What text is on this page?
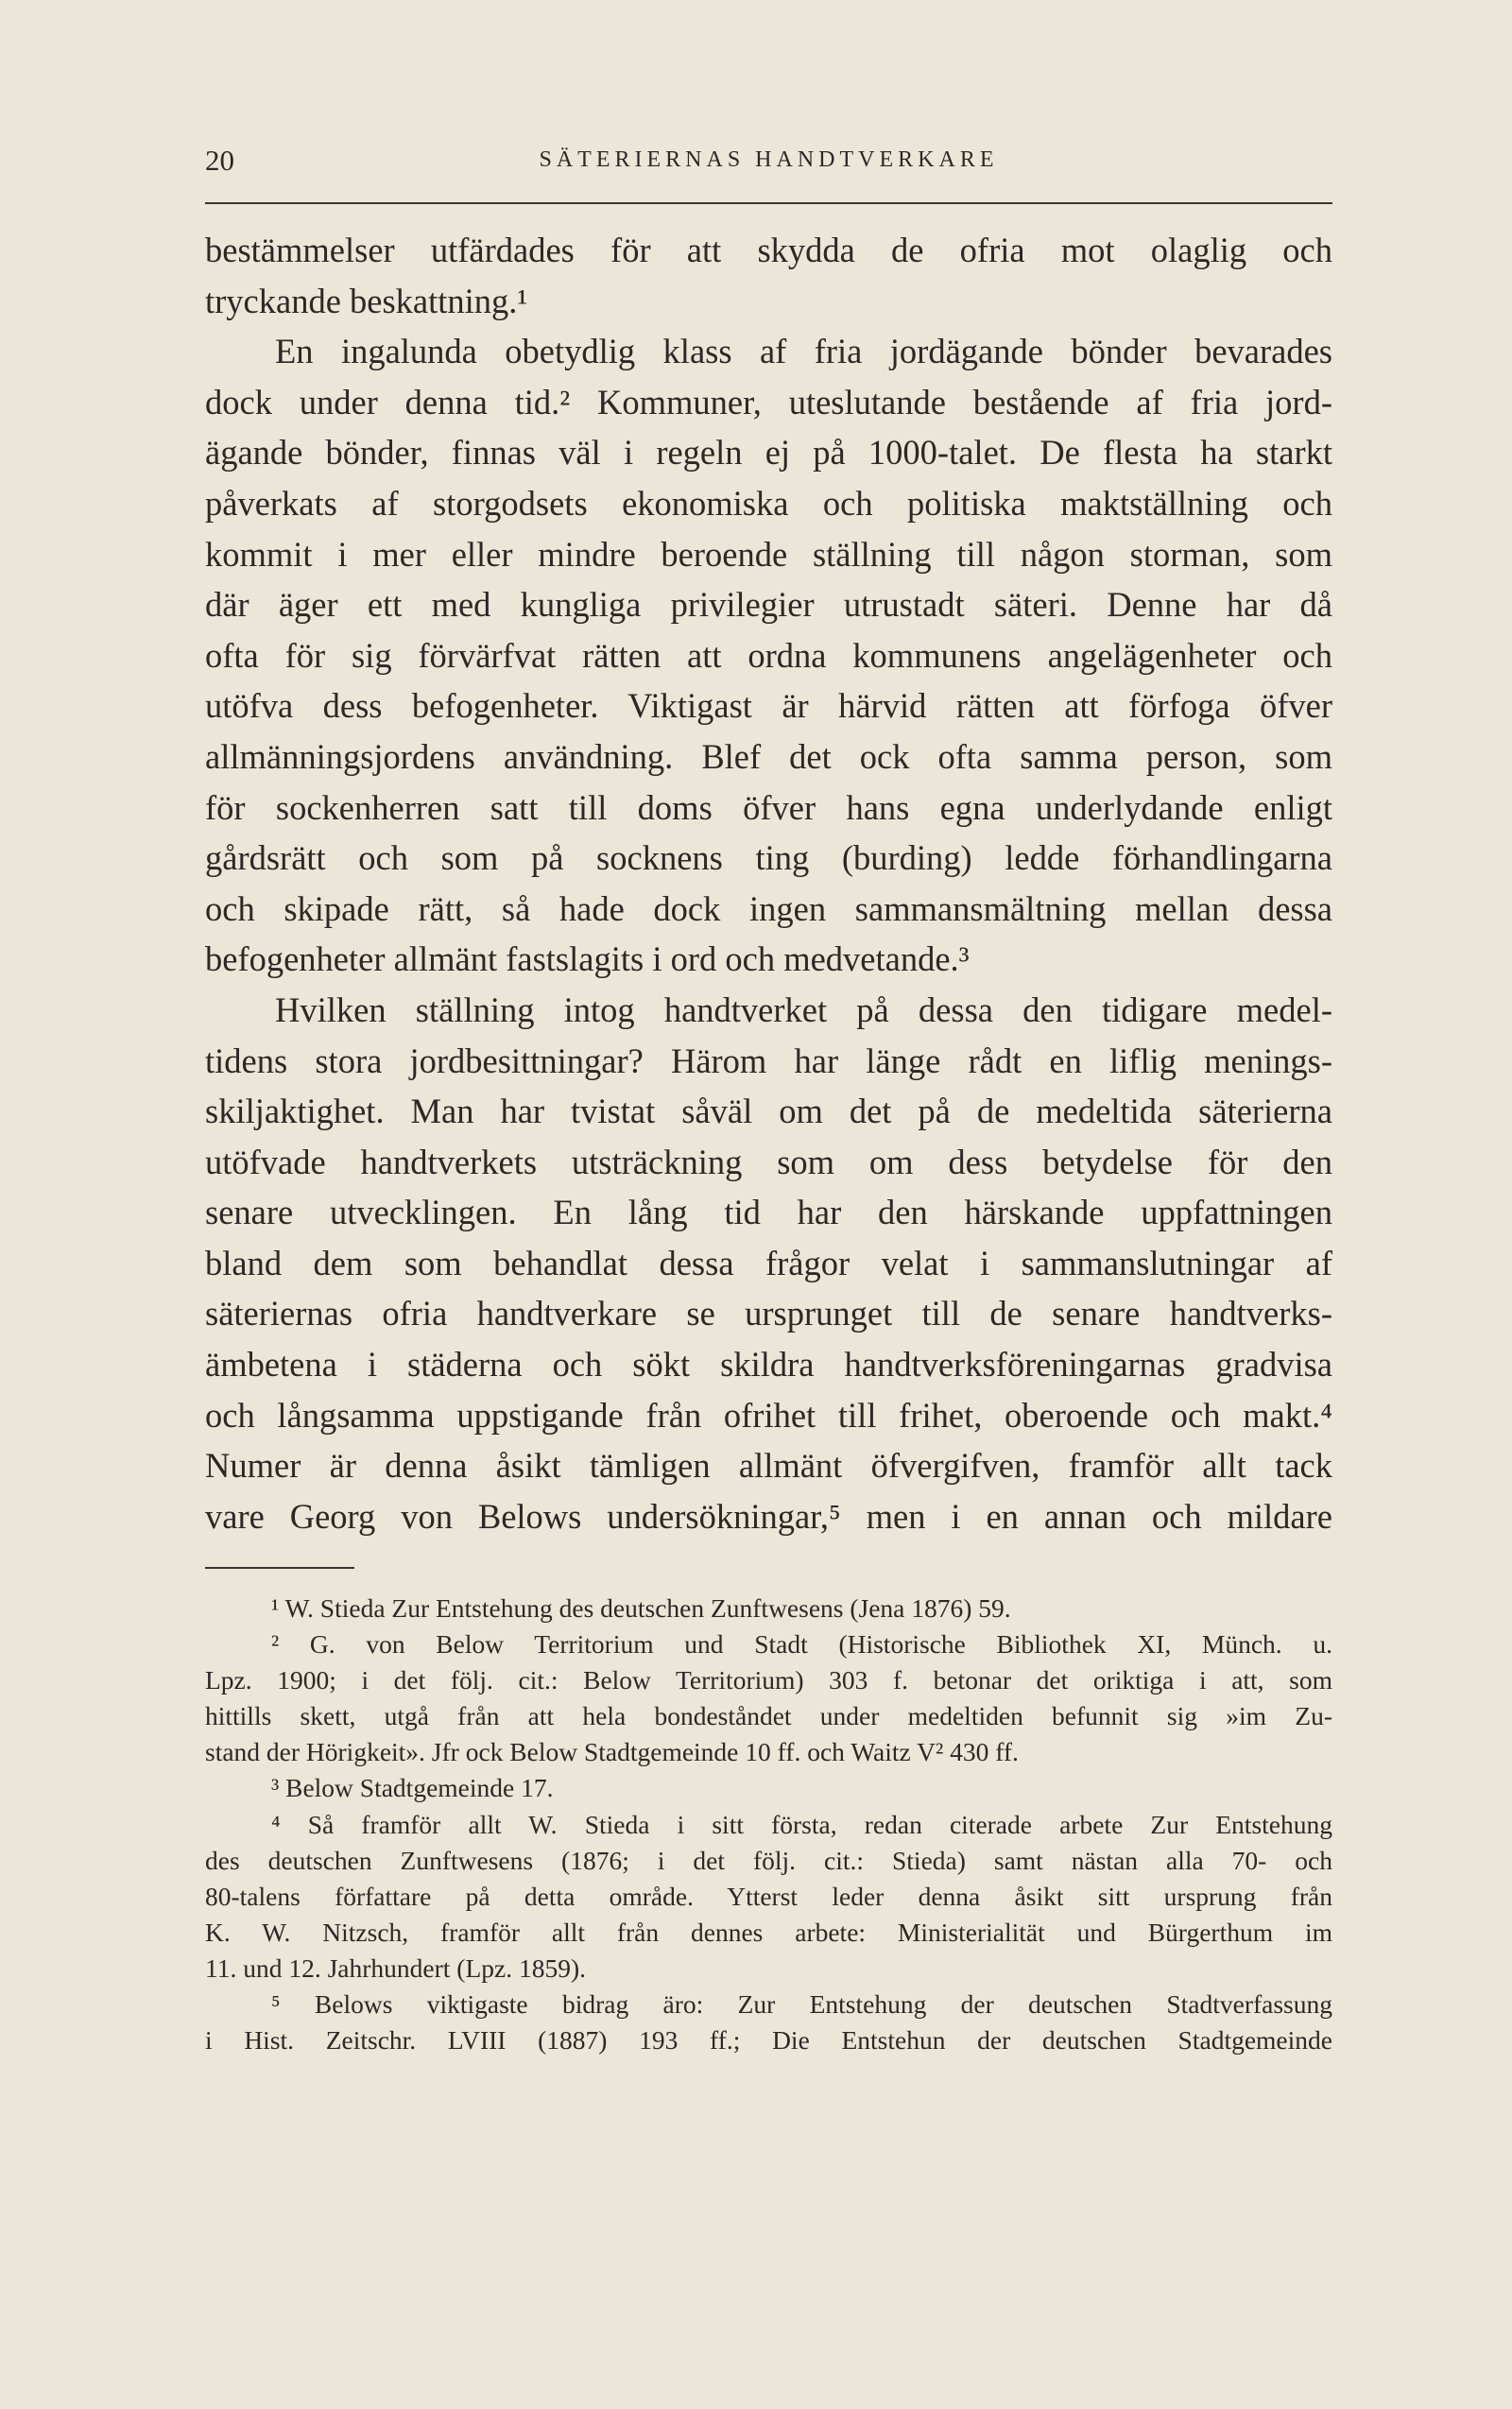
20	SÄTERIERNAS HANDTVERKARE
bestämmelser utfärdades för att skydda de ofria mot olaglig och
tryckande beskattning.¹
En ingalunda obetydlig klass af fria jordägande bönder bevarades
dock under denna tid.² Kommuner, uteslutande bestående af fria jord-
ägande bönder, finnas väl i regeln ej på 1000-talet. De flesta ha starkt
påverkats af storgodsets ekonomiska och politiska maktställning och
kommit i mer eller mindre beroende ställning till någon storman, som
där äger ett med kungliga privilegier utrustadt säteri. Denne har då
ofta för sig förvärfvat rätten att ordna kommunens angelägenheter och
utöfva dess befogenheter. Viktigast är härvid rätten att förfoga öfver
allmänningsjordens användning. Blef det ock ofta samma person, som
för sockenherren satt till doms öfver hans egna underlydande enligt
gårdsrätt och som på socknens ting (burding) ledde förhandlingarna
och skipade rätt, så hade dock ingen sammansmältning mellan dessa
befogenheter allmänt fastslagits i ord och medvetande.³
Hvilken ställning intog handtverket på dessa den tidigare medel-
tidens stora jordbesittningar? Härom har länge rådt en liflig menings-
skiljaktighet. Man har tvistat såväl om det på de medeltida säterierna
utöfvade handtverkets utsträckning som om dess betydelse för den
senare utvecklingen. En lång tid har den härskande uppfattningen
bland dem som behandlat dessa frågor velat i sammanslutningar af
säteriernas ofria handtverkare se ursprunget till de senare handtverks-
ämbetena i städerna och sökt skildra handtverksföreningarnas gradvisa
och långsamma uppstigande från ofrihet till frihet, oberoende och makt.⁴
Numer är denna åsikt tämligen allmänt öfvergifven, framför allt tack
vare Georg von Belows undersökningar,⁵ men i en annan och mildare
¹ W. Stieda Zur Entstehung des deutschen Zunftwesens (Jena 1876) 59.
² G. von Below Territorium und Stadt (Historische Bibliothek XI, Münch. u.
Lpz. 1900; i det följ. cit.: Below Territorium) 303 f. betonar det oriktiga i att, som
hittills skett, utgå från att hela bondeståndet under medeltiden befunnit sig »im Zu-
stand der Hörigkeit». Jfr ock Below Stadtgemeinde 10 ff. och Waitz V² 430 ff.
³ Below Stadtgemeinde 17.
⁴ Så framför allt W. Stieda i sitt första, redan citerade arbete Zur Entstehung
des deutschen Zunftwesens (1876; i det följ. cit.: Stieda) samt nästan alla 70- och
80-talens författare på detta område. Ytterst leder denna åsikt sitt ursprung från
K. W. Nitzsch, framför allt från dennes arbete: Ministerialität und Bürgerthum im
11. und 12. Jahrhundert (Lpz. 1859).
⁵ Belows viktigaste bidrag äro: Zur Entstehung der deutschen Stadtverfassung
i Hist. Zeitschr. LVIII (1887) 193 ff.; Die Entstehun der deutschen Stadtgemeinde
